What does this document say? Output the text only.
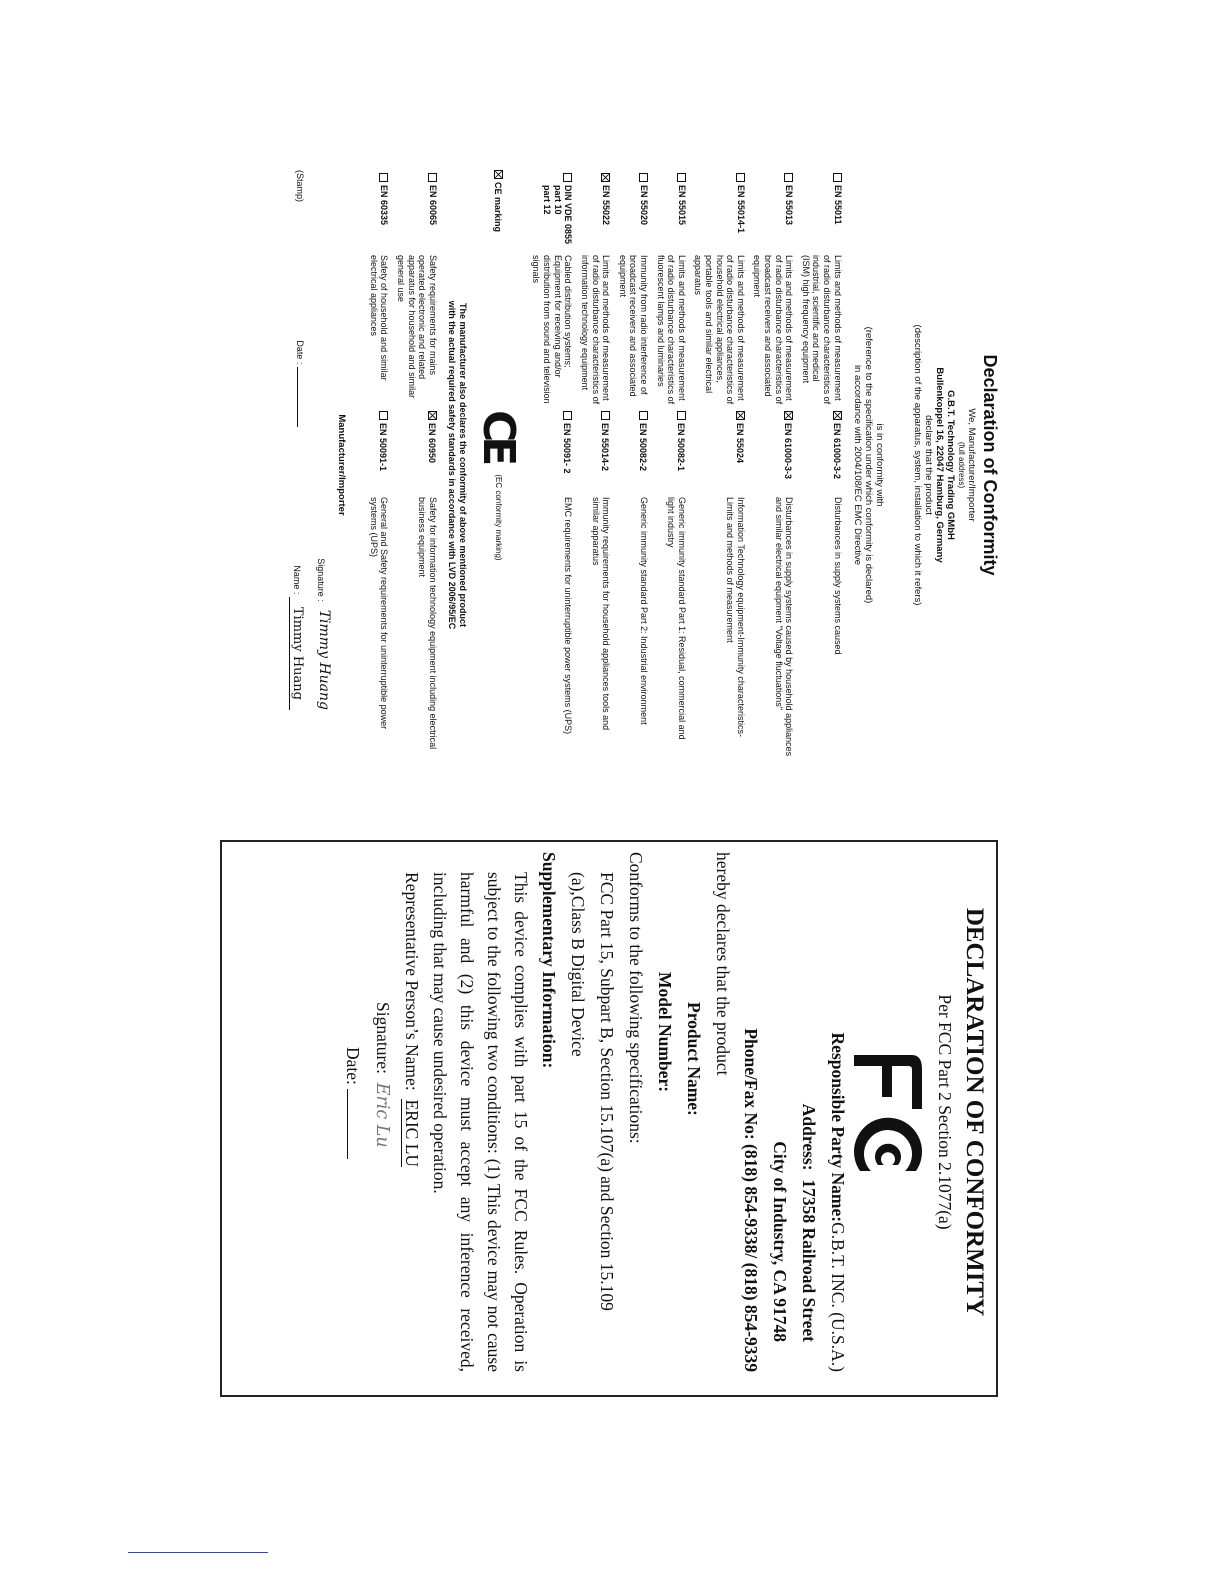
Declaration of Conformity
We, Manufacturer/Importer
(full address)
G.B.T. Technology Trading GMbH
Bullenkoppel 16, 22047 Hamburg, Germany
declare that the product
(description of the apparatus, system, installation to which it refers)
is in conformity with
(reference to the specification under which conformity is declared)
in accordance with 2004/108/EC EMC Directive
EN 55011	Limits and methods of measurement of radio disturbance characteristics of industrial, scientific and medical (ISM) high frequency equipment	EN 61000-3-2	Disturbances in supply systems caused
EN 55013	Limits and methods of measurement of radio disturbance characteristics of broadcast receivers and associated equipment	EN 61000-3-3	Disturbances in supply systems caused by household appliances and similar electrical equipment "Voltage fluctuations"
EN 55014-1	Limits and methods of measurement of radio disturbance characteristics of household electrical appliances, portable tools and similar electrical apparatus	EN 55024	Information Technology equipment-Immunity characteristics-Limits and methods of measurement
EN 55015	Limits and methods of measurement of radio disturbance characteristics of fluorescent lamps and luminaries	EN 50082-1	Generic immunity standard Part 1: Residual, commercial and light industry
EN 55020	Immunity from radio interference of broadcast receivers and associated equipment	EN 50082-2	Generic immunity standard Part 2: Industrial environment
EN 55022	Limits and methods of measurement of radio disturbance characteristics of information technology equipment	EN 55014-2	Immunity requirements for household appliances tools and similar apparatus
DIN VDE 0855
part 10
part 12	Cabled distribution systems; Equipment for receiving and/or distribution from sound and television signals	EN 50091- 2	EMC requirements for uninterruptible power systems (UPS)
CE marking
CE
(EC conformity marking)
The manufacturer also declares the conformity of above mentioned product
with the actual required safety standards in accordance with LVD 2006/95/EC
EN 60065	Safety requirements for mains operated electronic and related apparatus for household and similar general use	EN 60950	Safety for information technology equipment including electrical business equipment
EN 60335	Safety of household and similar electrical appliances	EN 50091-1	General and Safety requirements for uninterruptible power systems (UPS)
Manufacturer/Importer
Signature :
Timmy Huang
(Stamp)
Date :
Name : Timmy Huang
DECLARATION OF CONFORMITY
Per FCC Part 2 Section 2.1077(a)
Responsible Party Name:G.B.T. INC. (U.S.A.)
Address:  17358 Railroad Street
City of Industry, CA 91748
Phone/Fax No: (818) 854-9338/ (818) 854-9339
hereby declares that the product
Product Name:
Model Number:
Conforms to the following specifications:
FCC Part 15, Subpart B, Section 15.107(a) and Section 15.109
(a),Class B Digital Device
Supplementary Information:
This device complies with part 15 of the FCC Rules. Operation is subject to the following two conditions: (1) This device may not cause harmful and (2) this device must accept any inference received, including that may cause undesired operation.
Representative Person’s Name:  ERIC LU
Signature:  Eric Lu
Date:
